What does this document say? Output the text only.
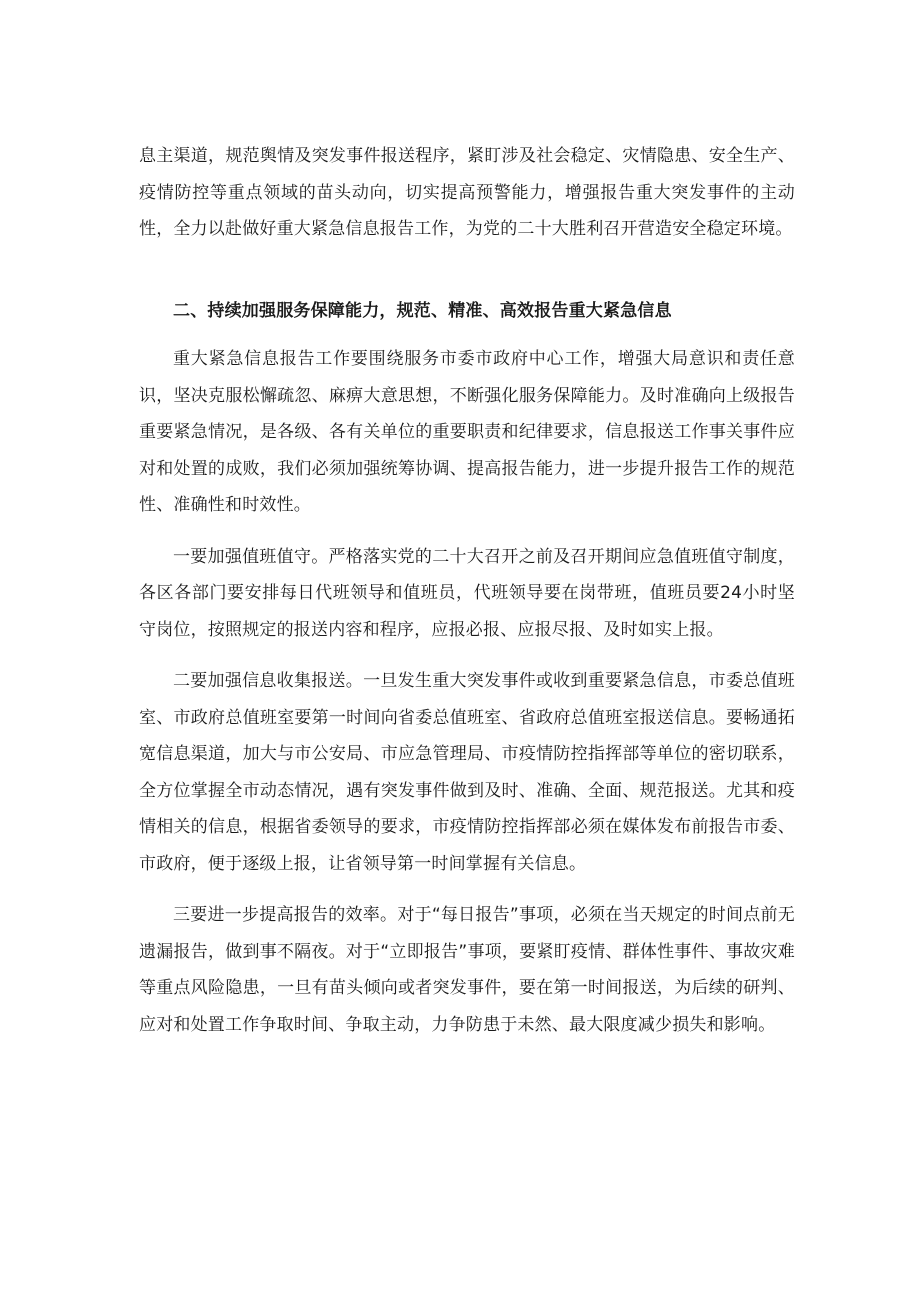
息主渠道，规范舆情及突发事件报送程序，紧盯涉及社会稳定、灾情隐患、安全生产、疫情防控等重点领域的苗头动向，切实提高预警能力，增强报告重大突发事件的主动性，全力以赴做好重大紧急信息报告工作，为党的二十大胜利召开营造安全稳定环境。

二、持续加强服务保障能力，规范、精准、高效报告重大紧急信息

重大紧急信息报告工作要围绕服务市委市政府中心工作，增强大局意识和责任意识，坚决克服松懈疏忽、麻痹大意思想，不断强化服务保障能力。及时准确向上级报告重要紧急情况，是各级、各有关单位的重要职责和纪律要求，信息报送工作事关事件应对和处置的成败，我们必须加强统筹协调、提高报告能力，进一步提升报告工作的规范性、准确性和时效性。

一要加强值班值守。严格落实党的二十大召开之前及召开期间应急值班值守制度，各区各部门要安排每日代班领导和值班员，代班领导要在岗带班，值班员要24小时坚守岗位，按照规定的报送内容和程序，应报必报、应报尽报、及时如实上报。

二要加强信息收集报送。一旦发生重大突发事件或收到重要紧急信息，市委总值班室、市政府总值班室要第一时间向省委总值班室、省政府总值班室报送信息。要畅通拓宽信息渠道，加大与市公安局、市应急管理局、市疫情防控指挥部等单位的密切联系，全方位掌握全市动态情况，遇有突发事件做到及时、准确、全面、规范报送。尤其和疫情相关的信息，根据省委领导的要求，市疫情防控指挥部必须在媒体发布前报告市委、市政府，便于逐级上报，让省领导第一时间掌握有关信息。

三要进一步提高报告的效率。对于“每日报告”事项，必须在当天规定的时间点前无遗漏报告，做到事不隔夜。对于“立即报告”事项，要紧盯疫情、群体性事件、事故灾难等重点风险隐患，一旦有苗头倾向或者突发事件，要在第一时间报送，为后续的研判、应对和处置工作争取时间、争取主动，力争防患于未然、最大限度减少损失和影响。
